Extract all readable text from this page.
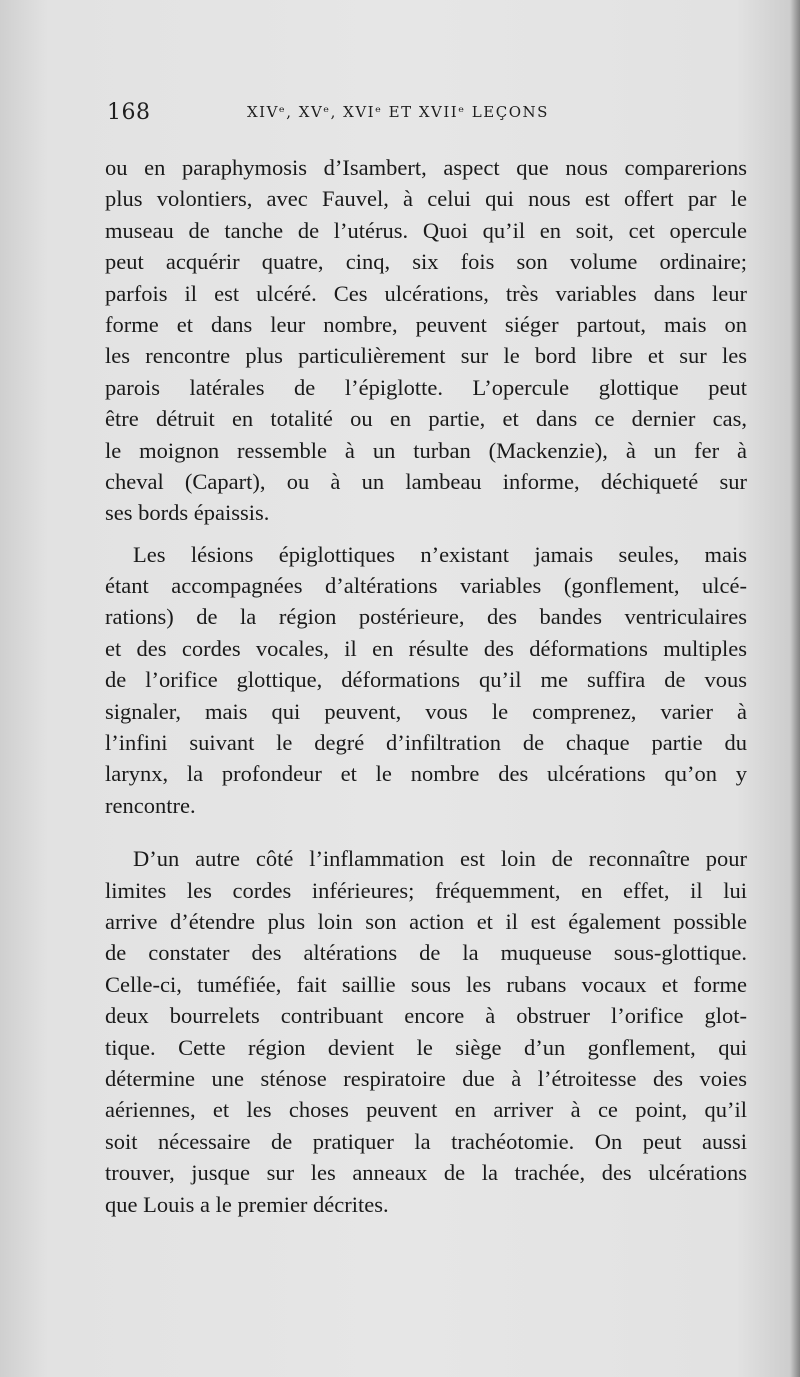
168	XIVᵉ, XVᵉ, XVIᵉ ET XVIIᵉ LEÇONS
ou en paraphymosis d’Isambert, aspect que nous comparerions
plus volontiers, avec Fauvel, à celui qui nous est offert par le
museau de tanche de l’utérus. Quoi qu’il en soit, cet opercule
peut acquérir quatre, cinq, six fois son volume ordinaire;
parfois il est ulcéré. Ces ulcérations, très variables dans leur
forme et dans leur nombre, peuvent siéger partout, mais on
les rencontre plus particulièrement sur le bord libre et sur les
parois latérales de l’épiglotte. L’opercule glottique peut
être détruit en totalité ou en partie, et dans ce dernier cas,
le moignon ressemble à un turban (Mackenzie), à un fer à
cheval (Capart), ou à un lambeau informe, déchiqueté sur
ses bords épaissis.
Les lésions épiglottiques n’existant jamais seules, mais
étant accompagnées d’altérations variables (gonflement, ulcé-
rations) de la région postérieure, des bandes ventriculaires
et des cordes vocales, il en résulte des déformations multiples
de l’orifice glottique, déformations qu’il me suffira de vous
signaler, mais qui peuvent, vous le comprenez, varier à
l’infini suivant le degré d’infiltration de chaque partie du
larynx, la profondeur et le nombre des ulcérations qu’on y
rencontre.
D’un autre côté l’inflammation est loin de reconnaître pour
limites les cordes inférieures; fréquemment, en effet, il lui
arrive d’étendre plus loin son action et il est également possible
de constater des altérations de la muqueuse sous-glottique.
Celle-ci, tuméfiée, fait saillie sous les rubans vocaux et forme
deux bourrelets contribuant encore à obstruer l’orifice glot-
tique. Cette région devient le siège d’un gonflement, qui
détermine une sténose respiratoire due à l’étroitesse des voies
aériennes, et les choses peuvent en arriver à ce point, qu’il
soit nécessaire de pratiquer la trachéotomie. On peut aussi
trouver, jusque sur les anneaux de la trachée, des ulcérations
que Louis a le premier décrites.
